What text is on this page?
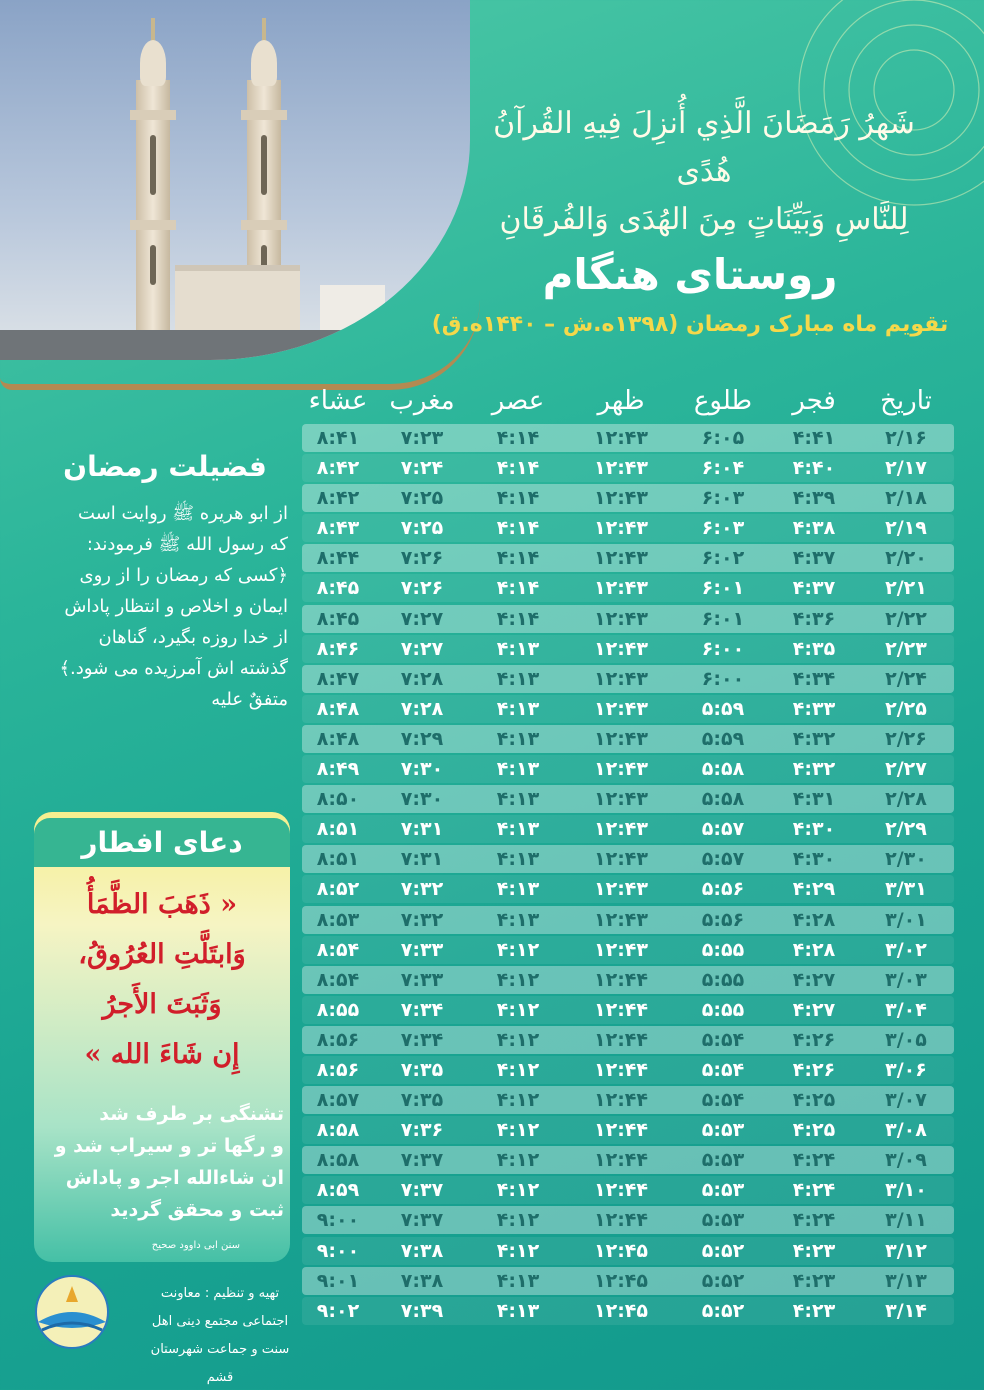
شَهرُ رَمَضَانَ الَّذِي أُنزِلَ فِيهِ القُرآنُ هُدًى
لِلنَّاسِ وَبَيِّنَاتٍ مِنَ الهُدَى وَالفُرقَانِ
روستای هنگام
تقویم ماه مبارک رمضان (۱۳۹۸ه.ش – ۱۴۴۰ه.ق)
تاریخ
فجر
طلوع
ظهر
عصر
مغرب
عشاء
۲/۱۶
۴:۴۱
۶:۰۵
۱۲:۴۳
۴:۱۴
۷:۲۳
۸:۴۱
۲/۱۷
۴:۴۰
۶:۰۴
۱۲:۴۳
۴:۱۴
۷:۲۴
۸:۴۲
۲/۱۸
۴:۳۹
۶:۰۳
۱۲:۴۳
۴:۱۴
۷:۲۵
۸:۴۲
۲/۱۹
۴:۳۸
۶:۰۳
۱۲:۴۳
۴:۱۴
۷:۲۵
۸:۴۳
۲/۲۰
۴:۳۷
۶:۰۲
۱۲:۴۳
۴:۱۴
۷:۲۶
۸:۴۴
۲/۲۱
۴:۳۷
۶:۰۱
۱۲:۴۳
۴:۱۴
۷:۲۶
۸:۴۵
۲/۲۲
۴:۳۶
۶:۰۱
۱۲:۴۳
۴:۱۴
۷:۲۷
۸:۴۵
۲/۲۳
۴:۳۵
۶:۰۰
۱۲:۴۳
۴:۱۳
۷:۲۷
۸:۴۶
۲/۲۴
۴:۳۴
۶:۰۰
۱۲:۴۳
۴:۱۳
۷:۲۸
۸:۴۷
۲/۲۵
۴:۳۳
۵:۵۹
۱۲:۴۳
۴:۱۳
۷:۲۸
۸:۴۸
۲/۲۶
۴:۳۲
۵:۵۹
۱۲:۴۳
۴:۱۳
۷:۲۹
۸:۴۸
۲/۲۷
۴:۳۲
۵:۵۸
۱۲:۴۳
۴:۱۳
۷:۳۰
۸:۴۹
۲/۲۸
۴:۳۱
۵:۵۸
۱۲:۴۳
۴:۱۳
۷:۳۰
۸:۵۰
۲/۲۹
۴:۳۰
۵:۵۷
۱۲:۴۳
۴:۱۳
۷:۳۱
۸:۵۱
۲/۳۰
۴:۳۰
۵:۵۷
۱۲:۴۳
۴:۱۳
۷:۳۱
۸:۵۱
۳/۳۱
۴:۲۹
۵:۵۶
۱۲:۴۳
۴:۱۳
۷:۳۲
۸:۵۲
۳/۰۱
۴:۲۸
۵:۵۶
۱۲:۴۳
۴:۱۳
۷:۳۲
۸:۵۳
۳/۰۲
۴:۲۸
۵:۵۵
۱۲:۴۳
۴:۱۲
۷:۳۳
۸:۵۴
۳/۰۳
۴:۲۷
۵:۵۵
۱۲:۴۴
۴:۱۲
۷:۳۳
۸:۵۴
۳/۰۴
۴:۲۷
۵:۵۵
۱۲:۴۴
۴:۱۲
۷:۳۴
۸:۵۵
۳/۰۵
۴:۲۶
۵:۵۴
۱۲:۴۴
۴:۱۲
۷:۳۴
۸:۵۶
۳/۰۶
۴:۲۶
۵:۵۴
۱۲:۴۴
۴:۱۲
۷:۳۵
۸:۵۶
۳/۰۷
۴:۲۵
۵:۵۴
۱۲:۴۴
۴:۱۲
۷:۳۵
۸:۵۷
۳/۰۸
۴:۲۵
۵:۵۳
۱۲:۴۴
۴:۱۲
۷:۳۶
۸:۵۸
۳/۰۹
۴:۲۴
۵:۵۳
۱۲:۴۴
۴:۱۲
۷:۳۷
۸:۵۸
۳/۱۰
۴:۲۴
۵:۵۳
۱۲:۴۴
۴:۱۲
۷:۳۷
۸:۵۹
۳/۱۱
۴:۲۴
۵:۵۳
۱۲:۴۴
۴:۱۲
۷:۳۷
۹:۰۰
۳/۱۲
۴:۲۳
۵:۵۲
۱۲:۴۵
۴:۱۲
۷:۳۸
۹:۰۰
۳/۱۳
۴:۲۳
۵:۵۲
۱۲:۴۵
۴:۱۳
۷:۳۸
۹:۰۱
۳/۱۴
۴:۲۳
۵:۵۲
۱۲:۴۵
۴:۱۳
۷:۳۹
۹:۰۲
فضیلت رمضان

از ابو هریره ﷺ روایت است

که رسول الله ﷺ فرمودند:

﴿کسی که رمضان را از روی

ایمان و اخلاص و انتظار پاداش

از خدا روزه بگیرد، گناهان

گذشته اش آمرزیده می شود.﴾

متفقٌ علیه

دعای افطار
« ذَهَبَ الظَّمَأُ
وَابتَلَّتِ العُرُوقُ،
وَثَبَتَ الأَجرُ
إِن شَاءَ الله »
تشنگی بر طرف شد
و رگها تر و سیراب شد و
ان شاءالله اجر و پاداش
ثبت و محقق گردید
سنن ابی داوود صحیح
تهیه و تنظیم : معاونت
اجتماعی مجتمع دینی اهل
سنت و جماعت شهرستان قشم
